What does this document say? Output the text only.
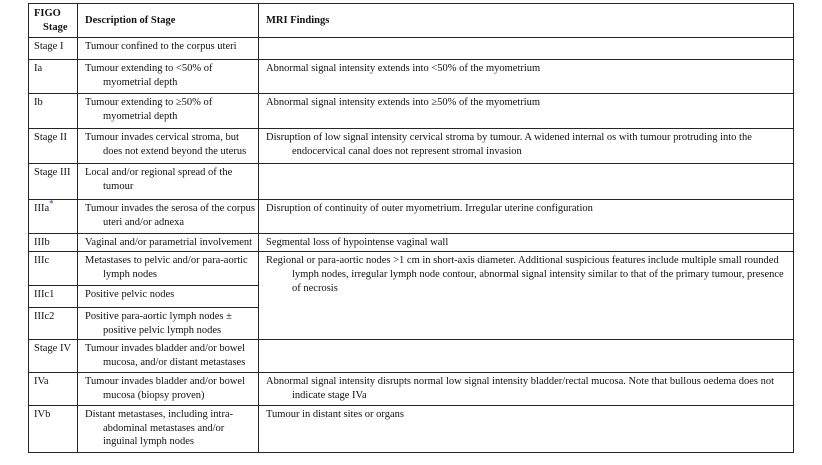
FIGO Stage	Description of Stage	MRI Findings
Stage I	Tumour confined to the corpus uteri	

Ia	Tumour extending to <50% of myometrial depth	Abnormal signal intensity extends into <50% of the myometrium

Ib	Tumour extending to ≥50% of myometrial depth	Abnormal signal intensity extends into ≥50% of the myometrium

Stage II	Tumour invades cervical stroma, but does not extend beyond the uterus	Disruption of low signal intensity cervical stroma by tumour. A widened internal os with tumour protruding into the endocervical canal does not represent stromal invasion

Stage III	Local and/or regional spread of the tumour	

IIIa*	Tumour invades the serosa of the corpus uteri and/or adnexa	Disruption of continuity of outer myometrium. Irregular uterine configuration

IIIb	Vaginal and/or parametrial involvement	Segmental loss of hypointense vaginal wall

IIIc	Metastases to pelvic and/or para-aortic lymph nodes	Regional or para-aortic nodes >1 cm in short-axis diameter. Additional suspicious features include multiple small rounded lymph nodes, irregular lymph node contour, abnormal signal intensity similar to that of the primary tumour, presence of necrosis

IIIc1	Positive pelvic nodes	

IIIc2	Positive para-aortic lymph nodes ± positive pelvic lymph nodes	

Stage IV	Tumour invades bladder and/or bowel mucosa, and/or distant metastases	

IVa	Tumour invades bladder and/or bowel mucosa (biopsy proven)	Abnormal signal intensity disrupts normal low signal intensity bladder/rectal mucosa. Note that bullous oedema does not indicate stage IVa

IVb	Distant metastases, including intra-abdominal metastases and/or inguinal lymph nodes	Tumour in distant sites or organs
